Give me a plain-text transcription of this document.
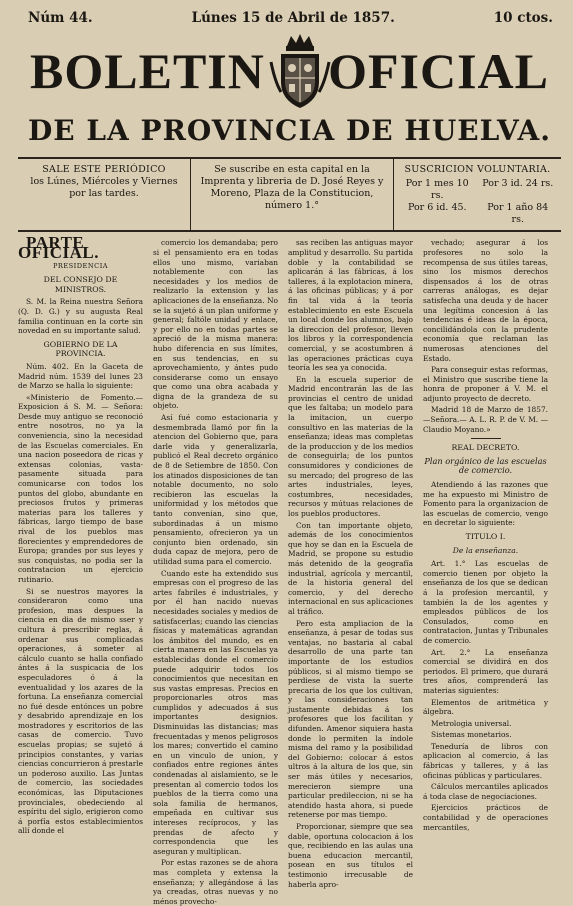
Núm 44.	Lúnes 15 de Abril de 1857.	10 ctos.
BOLETIN OFICIAL
DE LA PROVINCIA DE HUELVA.
SALE ESTE PERIÓDICO
los Lúnes, Miércoles y Viernes por las tardes.
Se suscribe en esta capital en la Imprenta y libreria de D. José Reyes y Moreno, Plaza de la Constitucion, número 1.°
SUSCRICION VOLUNTARIA.
Por 1 mes 10 rs.
Por 3 id. 24 rs.
Por 6 id. 45.	Por 1 año 84 rs.

PARTE OFICIAL.

PRESIDENCIA

DEL CONSEJO DE MINISTROS.

S. M. la Reina nuestra Señora (Q. D. G.) y su augusta Real familia continuan en la corte sin novedad en su importante salud.

GOBIERNO DE LA PROVINCIA.

Núm. 402. En la Gaceta de Madrid núm. 1539 del lunes 23 de Marzo se halla lo siguiente:

«Ministerio de Fomento.—Exposicion á S. M. — Señora: Desde muy antiguo se reconoció entre nosotros, no ya la conveniencia, sino la necesidad de las Escuelas comerciales. En una nacion poseedora de ricas y extensas colonias, vasta-pasamente situada para comunicarse con todos los puntos del globo, abundante en preciosos frutos y primeras materias para los talleres y fábricas, largo tiempo de base rival de los pueblos mas florecientes y emprendedores de Europa; grandes por sus leyes y sus conquistas, no podia ser la contratacion un ejercicio rutinario.

Si se nuestros mayores la consideraron como una profesion, mas despues la ciencia en dia de mismo sser y cultura á prescribir reglas, á ordenar sus complicadas operaciones, á someter al cálculo cuanto se halla confiado ántes á la suspicacia de los especuladores ó á la eventualidad y los azares de la fortuna. La enseñanza comercial no fué desde entónces un pobre y desabrido aprendizaje en los mostradores y escritorios de las casas de comercio. Tuvo escuelas propias; se sujetó á principios constantes, y varias ciencias concurrieron á prestarle un poderoso auxilio. Las Juntas de comercio, las sociedades económicas, las Diputaciones provinciales, obedeciendo al espíritu del siglo, erigieron como á porfía estos establecimientos allí donde el

comercio los demandaba; pero si el pensamiento era en todas ellos uno mismo, variaban notablemente con las necesidades y los medios de realizarlo la extension y las aplicaciones de la enseñanza. No se la sujetó á un plan uniforme y general; faltóle unidad y enlace, y por ello no en todas partes se apreció de la misma manera: hubo diferencia en sus límites, en sus tendencias, en su aprovechamiento, y ántes pudo considerarse como un ensayo que como una obra acabada y digna de la grandeza de su objeto.

Así fué como estacionaria y desmembrada llamó por fin la atencion del Gobierno que, para darle vida y generalizarla, publicó el Real decreto orgánico de 8 de Setiembre de 1850. Con los atinados disposiciones de tan notable documento, no solo recibieron las escuelas la uniformidad y los métodos que tanto convenian, sino que, subordinadas á un mismo pensamiento, ofrecieron ya un conjunto bien ordenado, sin duda capaz de mejora, pero de utilidad suma para el comercio.

Cuando este ha extendido sus empresas con el progreso de las artes fabriles é industriales, y por él han nacido nuevas necesidades sociales y medios de satisfacerlas; cuando las ciencias físicas y matemáticas agrandan los ámbitos del mundo, es en cierta manera en las Escuelas ya establecidas donde el comercio puede adquirir todos los conocimientos que necesitan en sus vastas empresas. Precios en proporcionarles otros mas cumplidos y adecuados á sus importantes designios. Disminuidas las distancias; mas frecuentadas y menos peligrosos los mares; convertido el camino en un vinculo de union, y confiados entre regiones ántes condenadas al aislamiento, se le presentan al comercio todos los pueblos de la tierra como una sola familia de hermanos, empeñada en cultivar sus intereses recíprocos, y las prendas de afecto y correspondencia que les aseguran y multiplican.

Por estas razones se de ahora mas completa y extensa la enseñanza; y allegándose á las ya creadas, otras nuevas y no ménos provecho-

sas reciben las antiguas mayor amplitud y desarrollo. Su partida doble y la contabilidad se aplicarán á las fábricas, á los talleres, á la explotacion minera, á las oficinas públicas; y á por fin tal vida á la teoría establecimiento en este Escuela un local donde los alumnos, bajo la direccion del profesor, lleven los libros y la correspondencia comercial, y se acostumbren á las operaciones prácticas cuya teoría les sea ya conocida.

En la escuela superior de Madrid encontrarán las de las provincias el centro de unidad que les faltaba; un modelo para la imitacion, un cuerpo consultivo en las materias de la enseñanza; ideas mas completas de la produccion y de los medios de conseguirla; de los puntos consumidores y condiciones de su mercado; del progreso de las artes industriales, leyes, costumbres, necesidades, recursos y mútuas relaciones de los pueblos productores.

Con tan importante objeto, además de los conocimientos que hoy se dan en la Escuela de Madrid, se propone su estudio más detenido de la geografía industrial, agrícola y mercantil, de la historia general del comercio, y del derecho internacional en sus aplicaciones al tráfico.

Pero esta ampliacion de la enseñanza, á pesar de todas sus ventajas, no bastaria al cabal desarrollo de una parte tan importante de los estudios públicos, si al mismo tiempo se perdiese de vista la suerte precaria de los que los cultivan, y las consideraciones tan justamente debidas á los profesores que los facilitan y difunden. Amenor siquiera hasta donde lo permiten la índole misma del ramo y la posibilidad del Gobierno: colocar á estos ultros á la altura de los que, sin ser más útiles y necesarios, merecieron siempre una particular predileccion, ni se ha atendido hasta ahora, si puede retenerse por mas tiempo.

Proporcionar, siempre que sea dable, oportuna colocacion á los que, recibiendo en las aulas una buena educacion mercantil, posean en sus títulos el testimonio irrecusable de haberla apro-

vechado; asegurar á los profesores no solo la recompensa de sus útiles tareas, sino los mismos derechos dispensados á los de otras carreras análogas, es dejar satisfecha una deuda y de hacer una legítima concesion á las tendencias é ideas de la época, concilidándola con la prudente economía que reclaman las numerosas atenciones del Estado.

Para conseguir estas reformas, el Ministro que suscribe tiene la honra de proponer á V. M. el adjunto proyecto de decreto.

Madrid 18 de Marzo de 1857. —Señora.— A. L. R. P. de V. M. —Claudio Moyano.»

REAL DECRETO.

Plan orgánico de las escuelas de comercio.

Atendiendo á las razones que me ha expuesto mi Ministro de Fomento para la organizacion de las escuelas de comercio, vengo en decretar lo siguiente:

TITULO I.

De la enseñanza.

Art. 1.° Las escuelas de comercio tienen por objeto la enseñanza de los que se dedican á la profesion mercantil, y también la de los agentes y empleados públicos de los Consulados, como en contratacion, Juntas y Tribunales de comercio.

Art. 2.° La enseñanza comercial se dividirá en dos periodos. El primero, que durará tres años, comprenderá las materias siguientes:

Elementos de aritmética y álgebra.

Metrologia universal.

Sistemas monetarios.

Teneduría de libros con aplicacion al comercio, á las fábricas y talleres, y á las oficinas públicas y particulares.

Cálculos mercantiles aplicados á toda clase de negociaciones.

Ejercicios prácticos de contabilidad y de operaciones mercantiles,
